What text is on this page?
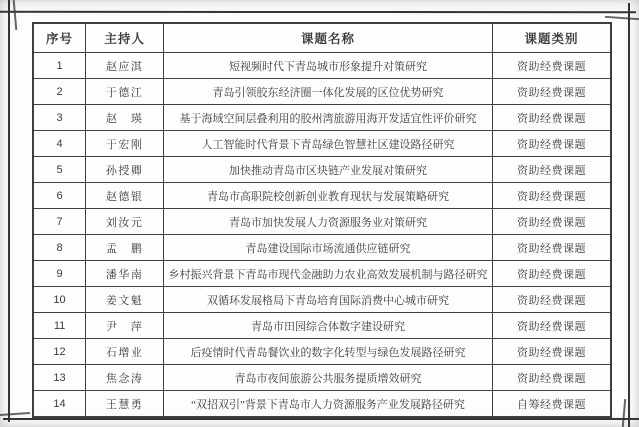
序号	主持人	课题名称	课题类别
1	赵应淇	短视频时代下青岛城市形象提升对策研究	资助经费课题
2	于德江	青岛引领胶东经济圈一体化发展的区位优势研究	资助经费课题
3	赵　瑛	基于海域空间层叠利用的胶州湾旅游用海开发适宜性评价研究	资助经费课题
4	于宏刚	人工智能时代背景下青岛绿色智慧社区建设路径研究	资助经费课题
5	孙授卿	加快推动青岛市区块链产业发展对策研究	资助经费课题
6	赵德银	青岛市高职院校创新创业教育现状与发展策略研究	资助经费课题
7	刘汝元	青岛市加快发展人力资源服务业对策研究	资助经费课题
8	孟　鹏	青岛建设国际市场流通供应链研究	资助经费课题
9	潘华南	乡村振兴背景下青岛市现代金融助力农业高效发展机制与路径研究	资助经费课题
10	姜文魁	双循环发展格局下青岛培育国际消费中心城市研究	资助经费课题
11	尹　萍	青岛市田园综合体数字建设研究	资助经费课题
12	石增业	后疫情时代青岛餐饮业的数字化转型与绿色发展路径研究	资助经费课题
13	焦念涛	青岛市夜间旅游公共服务提质增效研究	资助经费课题
14	王慧勇	“双招双引”背景下青岛市人力资源服务产业发展路径研究	自筹经费课题
